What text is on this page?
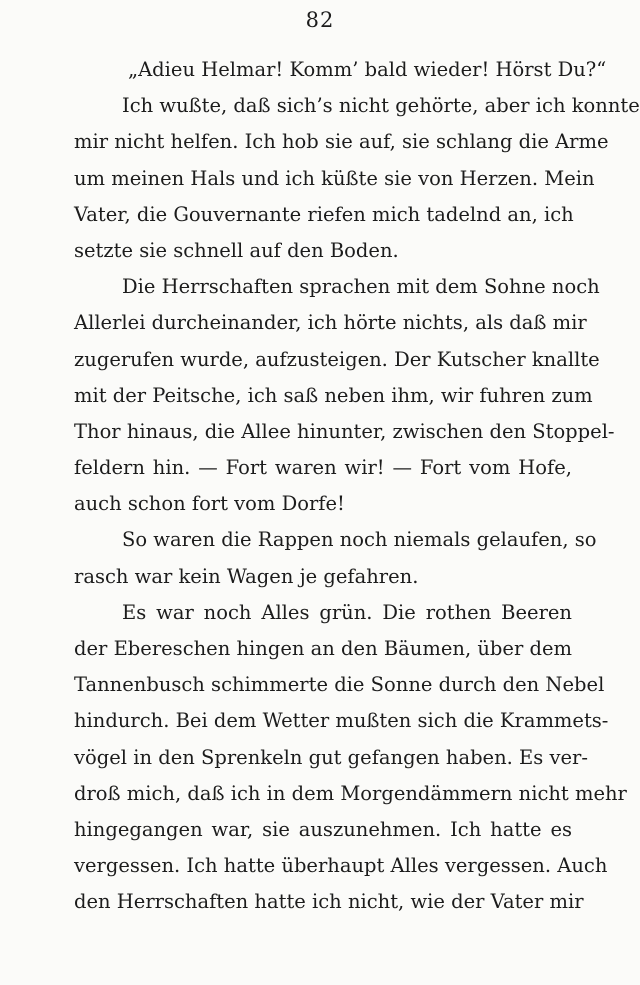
82
„Adieu Helmar! Komm’ bald wieder! Hörst Du?“
Ich wußte, daß sich’s nicht gehörte, aber ich konnte
mir nicht helfen. Ich hob sie auf, sie schlang die Arme
um meinen Hals und ich küßte sie von Herzen. Mein
Vater, die Gouvernante riefen mich tadelnd an, ich
setzte sie schnell auf den Boden.
Die Herrschaften sprachen mit dem Sohne noch
Allerlei durcheinander, ich hörte nichts, als daß mir
zugerufen wurde, aufzusteigen. Der Kutscher knallte
mit der Peitsche, ich saß neben ihm, wir fuhren zum
Thor hinaus, die Allee hinunter, zwischen den Stoppel-
feldern hin. — Fort waren wir! — Fort vom Hofe,
auch schon fort vom Dorfe!
So waren die Rappen noch niemals gelaufen, so
rasch war kein Wagen je gefahren.
Es war noch Alles grün. Die rothen Beeren
der Ebereschen hingen an den Bäumen, über dem
Tannenbusch schimmerte die Sonne durch den Nebel
hindurch. Bei dem Wetter mußten sich die Krammets-
vögel in den Sprenkeln gut gefangen haben. Es ver-
droß mich, daß ich in dem Morgendämmern nicht mehr
hingegangen war, sie auszunehmen. Ich hatte es
vergessen. Ich hatte überhaupt Alles vergessen. Auch
den Herrschaften hatte ich nicht, wie der Vater mir
